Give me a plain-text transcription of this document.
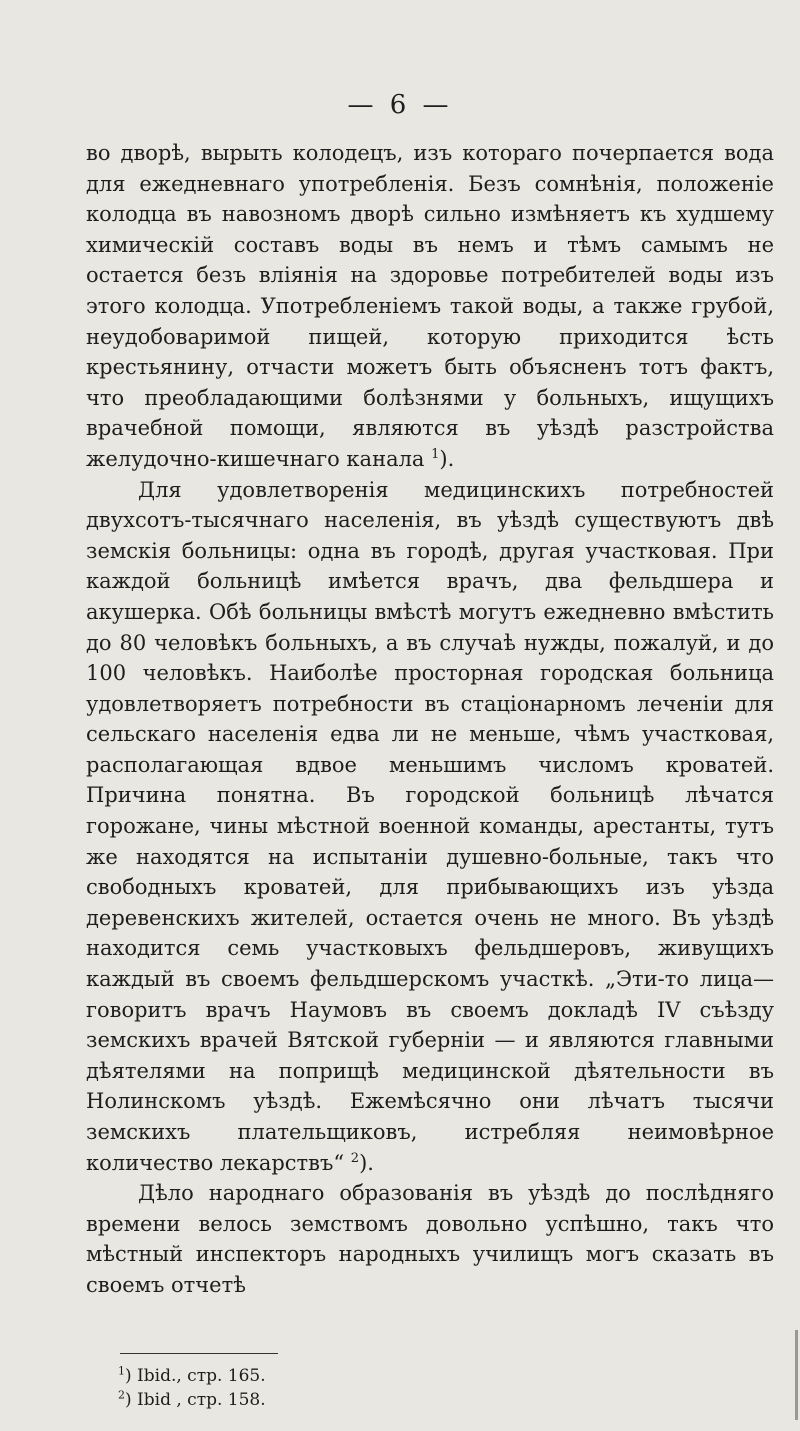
— 6 —

во дворѣ, вырыть колодецъ, изъ котораго почерпается вода для ежедневнаго употребленія. Безъ сомнѣнія, положеніе колодца въ навозномъ дворѣ сильно измѣняетъ къ худшему химическій составъ воды въ немъ и тѣмъ самымъ не остается безъ вліянія на здоровье потребителей воды изъ этого колодца. Употребленіемъ такой воды, а также грубой, неудобоваримой пищей, которую приходится ѣсть крестьянину, отчасти можетъ быть объясненъ тотъ фактъ, что преобладающими болѣзнями у больныхъ, ищущихъ врачебной помощи, являются въ уѣздѣ разстройства желудочно-кишечнаго канала $^1$).

Для удовлетворенія медицинскихъ потребностей двухсотъ-тысячнаго населенія, въ уѣздѣ существуютъ двѣ земскія больницы: одна въ городѣ, другая участковая. При каждой больницѣ имѣется врачъ, два фельдшера и акушерка. Обѣ больницы вмѣстѣ могутъ ежедневно вмѣстить до 80 человѣкъ больныхъ, а въ случаѣ нужды, пожалуй, и до 100 человѣкъ. Наиболѣе просторная городская больница удовлетворяетъ потребности въ стаціонарномъ леченіи для сельскаго населенія едва ли не меньше, чѣмъ участковая, располагающая вдвое меньшимъ числомъ кроватей. Причина понятна. Въ городской больницѣ лѣчатся горожане, чины мѣстной военной команды, арестанты, тутъ же находятся на испытаніи душевно-больные, такъ что свободныхъ кроватей, для прибывающихъ изъ уѣзда деревенскихъ жителей, остается очень не много. Въ уѣздѣ находится семь участковыхъ фельдшеровъ, живущихъ каждый въ своемъ фельдшерскомъ участкѣ. „Эти-то лица—говоритъ врачъ Наумовъ въ своемъ докладѣ IV съѣзду земскихъ врачей Вятской губерніи — и являются главными дѣятелями на поприщѣ медицинской дѣятельности въ Нолинскомъ уѣздѣ. Ежемѣсячно они лѣчатъ тысячи земскихъ плательщиковъ, истребляя неимовѣрное количество лекарствъ“ $^2$).

Дѣло народнаго образованія въ уѣздѣ до послѣдняго времени велось земствомъ довольно успѣшно, такъ что мѣстный инспекторъ народныхъ училищъ могъ сказать въ своемъ отчетѣ

$^1$) Ibid., стр. 165.
$^2$) Ibid , стр. 158.
